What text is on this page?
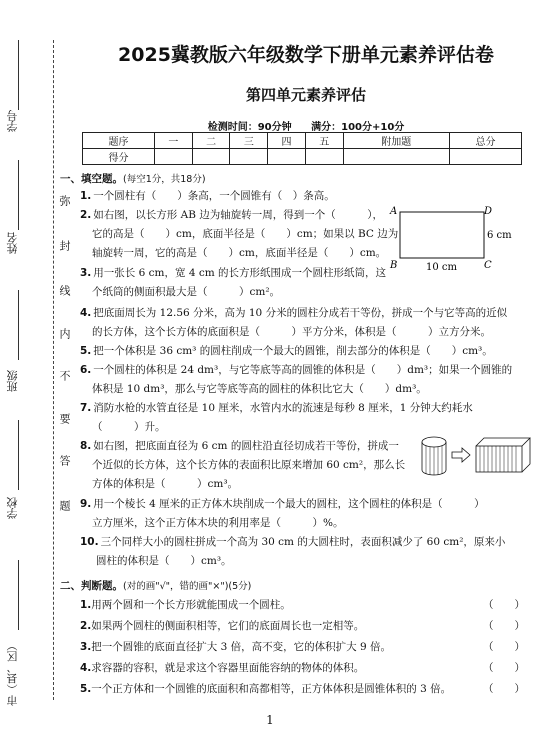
学号
姓名
班级
学校
市（县、区）
弥
封
线
内
不
要
答
题
2025冀教版六年级数学下册单元素养评估卷
第四单元素养评估
检测时间：90分钟 满分：100分+10分
题序	一	二	三	四	五	附加题	总分
得分							
一、填空题。(每空1分，共18分)
1. 一个圆柱有（　　）条高，一个圆锥有（　）条高。
2. 如右图，以长方形 AB 边为轴旋转一周，得到一个（　　　），
它的高是（　　）cm，底面半径是（　　）cm；如果以 BC 边为
轴旋转一周，它的高是（　　）cm，底面半径是（　　）cm。
3. 用一张长 6 cm，宽 4 cm 的长方形纸围成一个圆柱形纸筒，这
个纸筒的侧面积最大是（　　　）cm²。
4. 把底面周长为 12.56 分米，高为 10 分米的圆柱分成若干等份，拼成一个与它等高的近似
的长方体，这个长方体的底面积是（　　　）平方分米，体积是（　　　）立方分米。
5. 把一个体积是 36 cm³ 的圆柱削成一个最大的圆锥，削去部分的体积是（　　）cm³。
6. 一个圆柱的体积是 24 dm³，与它等底等高的圆锥的体积是（　　）dm³；如果一个圆锥的
体积是 10 dm³，那么与它等底等高的圆柱的体积比它大（　　）dm³。
7. 消防水枪的水管直径是 10 厘米，水管内水的流速是每秒 8 厘米，1 分钟大约耗水
（　　　）升。
8. 如右图，把底面直径为 6 cm 的圆柱沿直径切成若干等份，拼成一
个近似的长方体，这个长方体的表面积比原来增加 60 cm²，那么长
方体的体积是（　　　）cm³。
9. 用一个棱长 4 厘米的正方体木块削成一个最大的圆柱，这个圆柱的体积是（　　　）
立方厘米，这个正方体木块的利用率是（　　　）%。
10. 三个同样大小的圆柱拼成一个高为 30 cm 的大圆柱时，表面积减少了 60 cm²，原来小
圆柱的体积是（　　）cm³。
二、判断题。(对的画"√"，错的画"×")(5分)
1.用两个圆和一个长方形就能围成一个圆柱。	（　　）
2.如果两个圆柱的侧面积相等，它们的底面周长也一定相等。	（　　）
3.把一个圆锥的底面直径扩大 3 倍，高不变，它的体积扩大 9 倍。	（　　）
4.求容器的容积，就是求这个容器里面能容纳的物体的体积。	（　　）
5.一个正方体和一个圆锥的底面积和高都相等，正方体体积是圆锥体积的 3 倍。	（　　）
A
B	C
D
6 cm
10 cm
1
